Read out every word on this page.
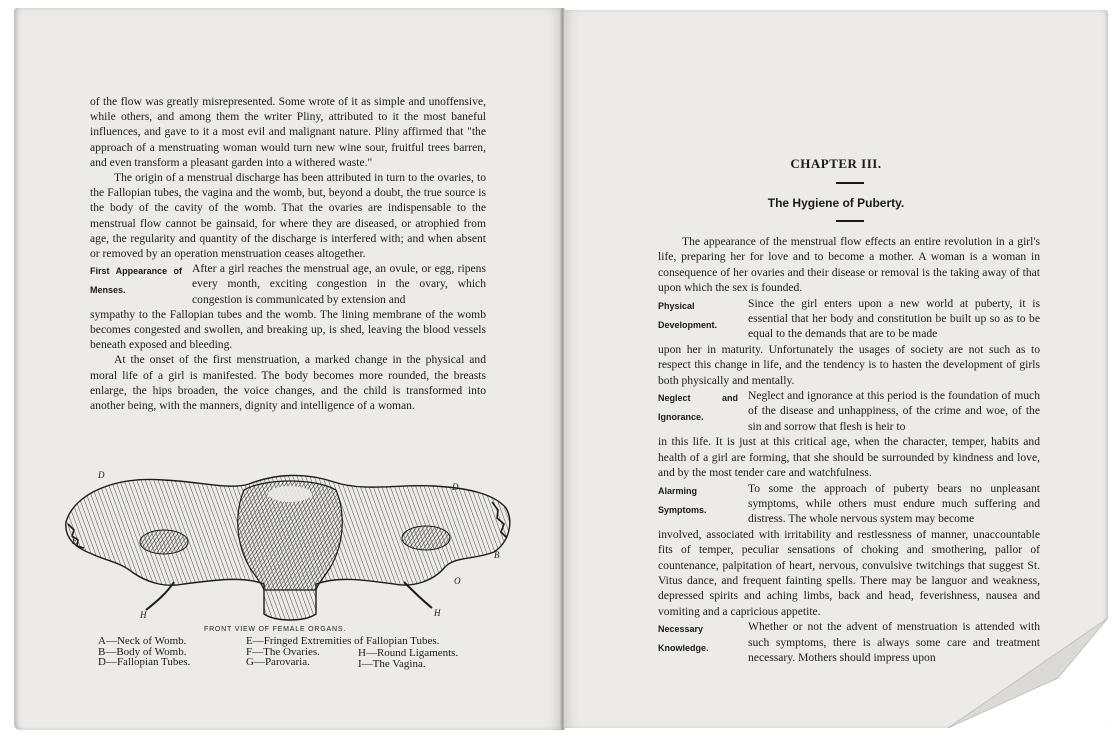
of the flow was greatly misrepresented. Some wrote of it as simple and unoffensive, while others, and among them the writer Pliny, attributed to it the most baneful influences, and gave to it a most evil and malignant nature. Pliny affirmed that "the approach of a menstruating woman would turn new wine sour, fruitful trees barren, and even transform a pleasant garden into a withered waste."

The origin of a menstrual discharge has been attributed in turn to the ovaries, to the Fallopian tubes, the vagina and the womb, but, beyond a doubt, the true source is the body of the cavity of the womb. That the ovaries are indispensable to the menstrual flow cannot be gainsaid, for where they are diseased, or atrophied from age, the regularity and quantity of the discharge is interfered with; and when absent or removed by an operation menstruation ceases altogether.

First Appearance of Menses.
After a girl reaches the menstrual age, an ovule, or egg, ripens every month, exciting congestion in the ovary, which congestion is communicated by extension and

sympathy to the Fallopian tubes and the womb. The lining membrane of the womb becomes congested and swollen, and breaking up, is shed, leaving the blood vessels beneath exposed and bleeding.

At the onset of the first menstruation, a marked change in the physical and moral life of a girl is manifested. The body becomes more rounded, the breasts enlarge, the hips broaden, the voice changes, and the child is transformed into another being, with the manners, dignity and intelligence of a woman.

D
D
E
B
O
H	H
FRONT VIEW OF FEMALE ORGANS.
A—Neck of Womb.
B—Body of Womb.
D—Fallopian Tubes.
E—Fringed Extremities of Fallopian Tubes.
F—The Ovaries.
G—Parovaria.
H—Round Ligaments.
I—The Vagina.
CHAPTER III.
The Hygiene of Puberty.

The appearance of the menstrual flow effects an entire revolution in a girl's life, preparing her for love and to become a mother. A woman is a woman in consequence of her ovaries and their disease or removal is the taking away of that upon which the sex is founded.

Physical Development.
Since the girl enters upon a new world at puberty, it is essential that her body and constitution be built up so as to be equal to the demands that are to be made

upon her in maturity. Unfortunately the usages of society are not such as to respect this change in life, and the tendency is to hasten the development of girls both physically and mentally.

Neglect and Ignorance.
Neglect and ignorance at this period is the foundation of much of the disease and unhappiness, of the crime and woe, of the sin and sorrow that flesh is heir to

in this life. It is just at this critical age, when the character, temper, habits and health of a girl are forming, that she should be surrounded by kindness and love, and by the most tender care and watchfulness.

Alarming Symptoms.
To some the approach of puberty bears no unpleasant symptoms, while others must endure much suffering and distress. The whole nervous system may become

involved, associated with irritability and restlessness of manner, unaccountable fits of temper, peculiar sensations of choking and smothering, pallor of countenance, palpitation of heart, nervous, convulsive twitchings that suggest St. Vitus dance, and frequent fainting spells. There may be languor and weakness, depressed spirits and aching limbs, back and head, feverishness, nausea and vomiting and a capricious appetite.

Necessary Knowledge.
Whether or not the advent of menstruation is attended with such symptoms, there is always some care and treatment necessary. Mothers should impress upon
